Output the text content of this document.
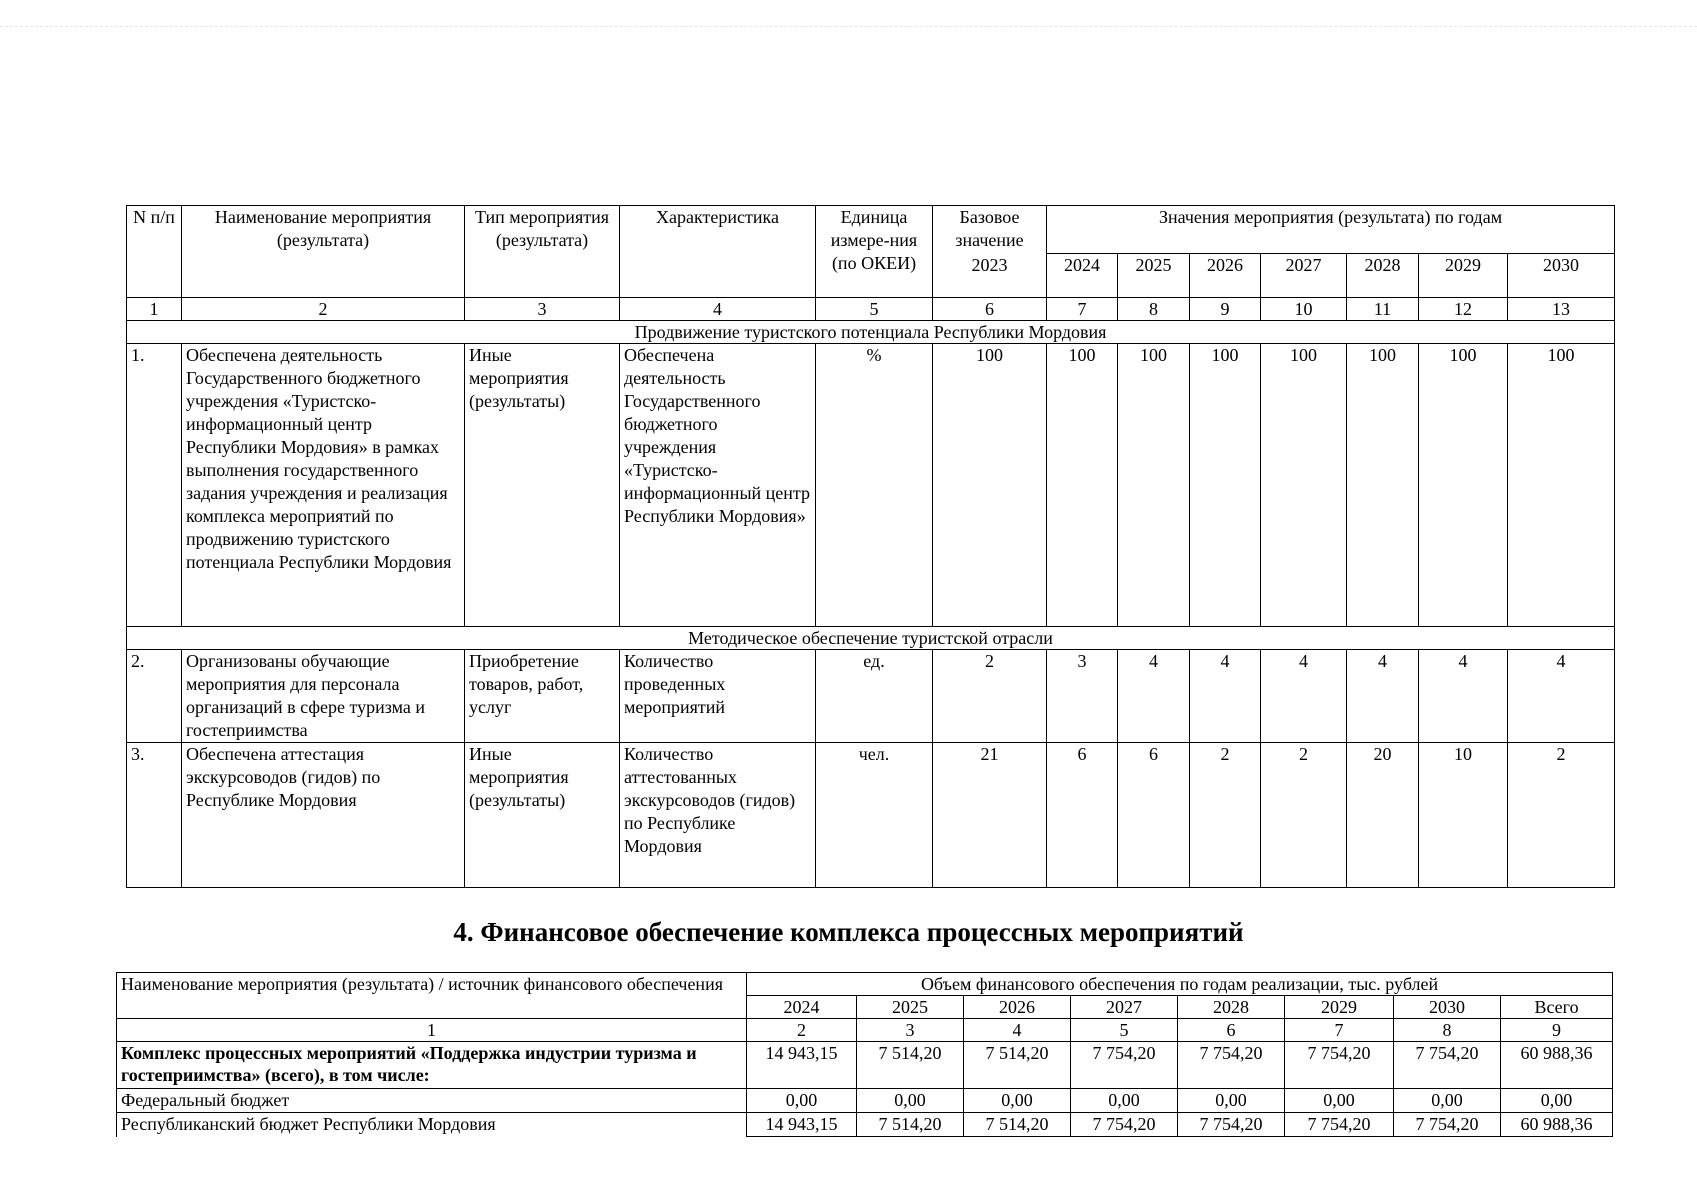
N п/п	Наименование мероприятия (результата)	Тип мероприятия (результата)	Характеристика	Единица измере-ния (по ОКЕИ)	Базовое значение	Значения мероприятия (результата) по годам						
					2023	2024	2025	2026	2027	2028	2029	2030
1	2	3	4	5	6	7	8	9	10	11	12	13
Продвижение туристского потенциала Республики Мордовия												
1.	Обеспечена деятельность Государственного бюджетного учреждения «Туристско-информационный центр Республики Мордовия» в рамках выполнения государственного задания учреждения и реализация комплекса мероприятий по продвижению туристского потенциала Республики Мордовия	Иные мероприятия (результаты)	Обеспечена деятельность Государственного бюджетного учреждения «Туристско-информационный центр Республики Мордовия»	%	100	100	100	100	100	100	100	100
Методическое обеспечение туристской отрасли												
2.	Организованы обучающие мероприятия для персонала организаций в сфере туризма и гостеприимства	Приобретение товаров, работ, услуг	Количество проведенных мероприятий	ед.	2	3	4	4	4	4	4	4
3.	Обеспечена аттестация экскурсоводов (гидов) по Республике Мордовия	Иные мероприятия (результаты)	Количество аттестованных экскурсоводов (гидов) по Республике Мордовия	чел.	21	6	6	2	2	20	10	2
4. Финансовое обеспечение комплекса процессных мероприятий
Наименование мероприятия (результата) / источник финансового обеспечения	Объем финансового обеспечения по годам реализации, тыс. рублей							
	2024	2025	2026	2027	2028	2029	2030	Всего
1	2	3	4	5	6	7	8	9
Комплекс процессных мероприятий «Поддержка индустрии туризма и гостеприимства» (всего), в том числе:	14 943,15	7 514,20	7 514,20	7 754,20	7 754,20	7 754,20	7 754,20	60 988,36
Федеральный бюджет	0,00	0,00	0,00	0,00	0,00	0,00	0,00	0,00
Республиканский бюджет Республики Мордовия	14 943,15	7 514,20	7 514,20	7 754,20	7 754,20	7 754,20	7 754,20	60 988,36
